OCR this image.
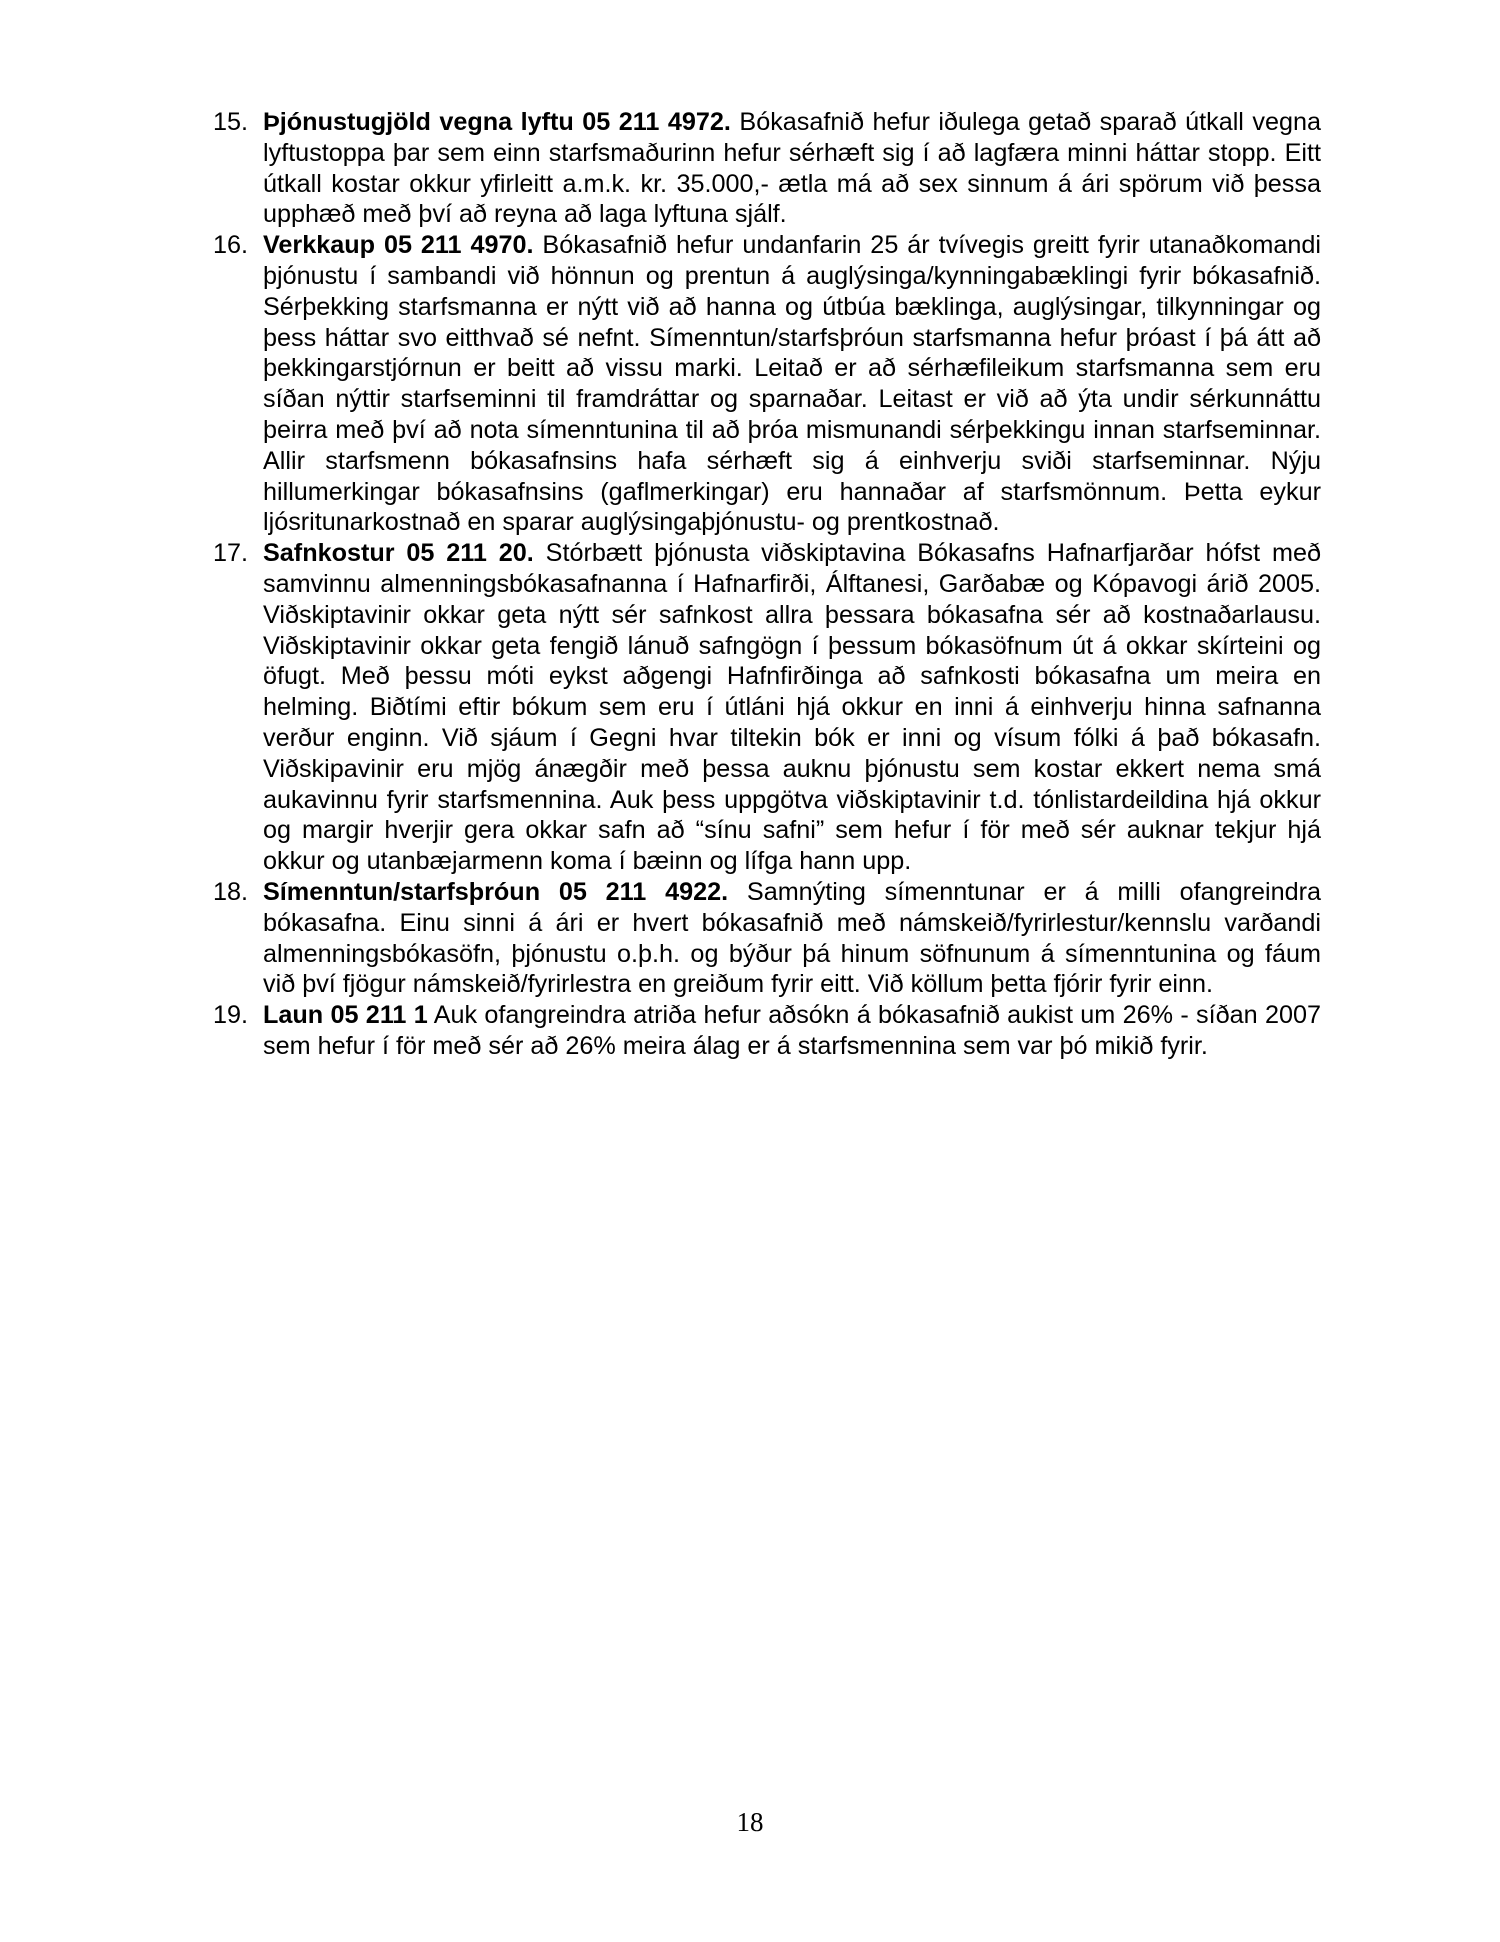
15. Þjónustugjöld vegna lyftu 05 211 4972. Bókasafnið hefur iðulega getað sparað útkall vegna lyftustoppa þar sem einn starfsmaðurinn hefur sérhæft sig í að lagfæra minni háttar stopp. Eitt útkall kostar okkur yfirleitt a.m.k. kr. 35.000,- ætla má að sex sinnum á ári spörum við þessa upphæð með því að reyna að laga lyftuna sjálf.
16. Verkkaup 05 211 4970. Bókasafnið hefur undanfarin 25 ár tvívegis greitt fyrir utanaðkomandi þjónustu í sambandi við hönnun og prentun á auglýsinga/kynningabæklingi fyrir bókasafnið. Sérþekking starfsmanna er nýtt við að hanna og útbúa bæklinga, auglýsingar, tilkynningar og þess háttar svo eitthvað sé nefnt. Símenntun/starfsþróun starfsmanna hefur þróast í þá átt að þekkingarstjórnun er beitt að vissu marki. Leitað er að sérhæfileikum starfsmanna sem eru síðan nýttir starfseminni til framdráttar og sparnaðar. Leitast er við að ýta undir sérkunnáttu þeirra með því að nota símenntunina til að þróa mismunandi sérþekkingu innan starfseminnar. Allir starfsmenn bókasafnsins hafa sérhæft sig á einhverju sviði starfseminnar. Nýju hillumerkingar bókasafnsins (gaflmerkingar) eru hannaðar af starfsmönnum. Þetta eykur ljósritunarkostnað en sparar auglýsingaþjónustu- og prentkostnað.
17. Safnkostur 05 211 20. Stórbætt þjónusta viðskiptavina Bókasafns Hafnarfjarðar hófst með samvinnu almenningsbókasafnanna í Hafnarfirði, Álftanesi, Garðabæ og Kópavogi árið 2005. Viðskiptavinir okkar geta nýtt sér safnkost allra þessara bókasafna sér að kostnaðarlausu. Viðskiptavinir okkar geta fengið lánuð safngögn í þessum bókasöfnum út á okkar skírteini og öfugt. Með þessu móti eykst aðgengi Hafnfirðinga að safnkosti bókasafna um meira en helming. Biðtími eftir bókum sem eru í útláni hjá okkur en inni á einhverju hinna safnanna verður enginn. Við sjáum í Gegni hvar tiltekin bók er inni og vísum fólki á það bókasafn. Viðskipavinir eru mjög ánægðir með þessa auknu þjónustu sem kostar ekkert nema smá aukavinnu fyrir starfsmennina. Auk þess uppgötva viðskiptavinir t.d. tónlistardeildina hjá okkur og margir hverjir gera okkar safn að “sínu safni” sem hefur í för með sér auknar tekjur hjá okkur og utanbæjarmenn koma í bæinn og lífga hann upp.
18. Símenntun/starfsþróun 05 211 4922. Samnýting símenntunar er á milli ofangreindra bókasafna. Einu sinni á ári er hvert bókasafnið með námskeið/fyrirlestur/kennslu varðandi almenningsbókasöfn, þjónustu o.þ.h. og býður þá hinum söfnunum á símenntunina og fáum við því fjögur námskeið/fyrirlestra en greiðum fyrir eitt. Við köllum þetta fjórir fyrir einn.
19. Laun 05 211 1 Auk ofangreindra atriða hefur aðsókn á bókasafnið aukist um 26% - síðan 2007 sem hefur í för með sér að 26% meira álag er á starfsmennina sem var þó mikið fyrir.
18
